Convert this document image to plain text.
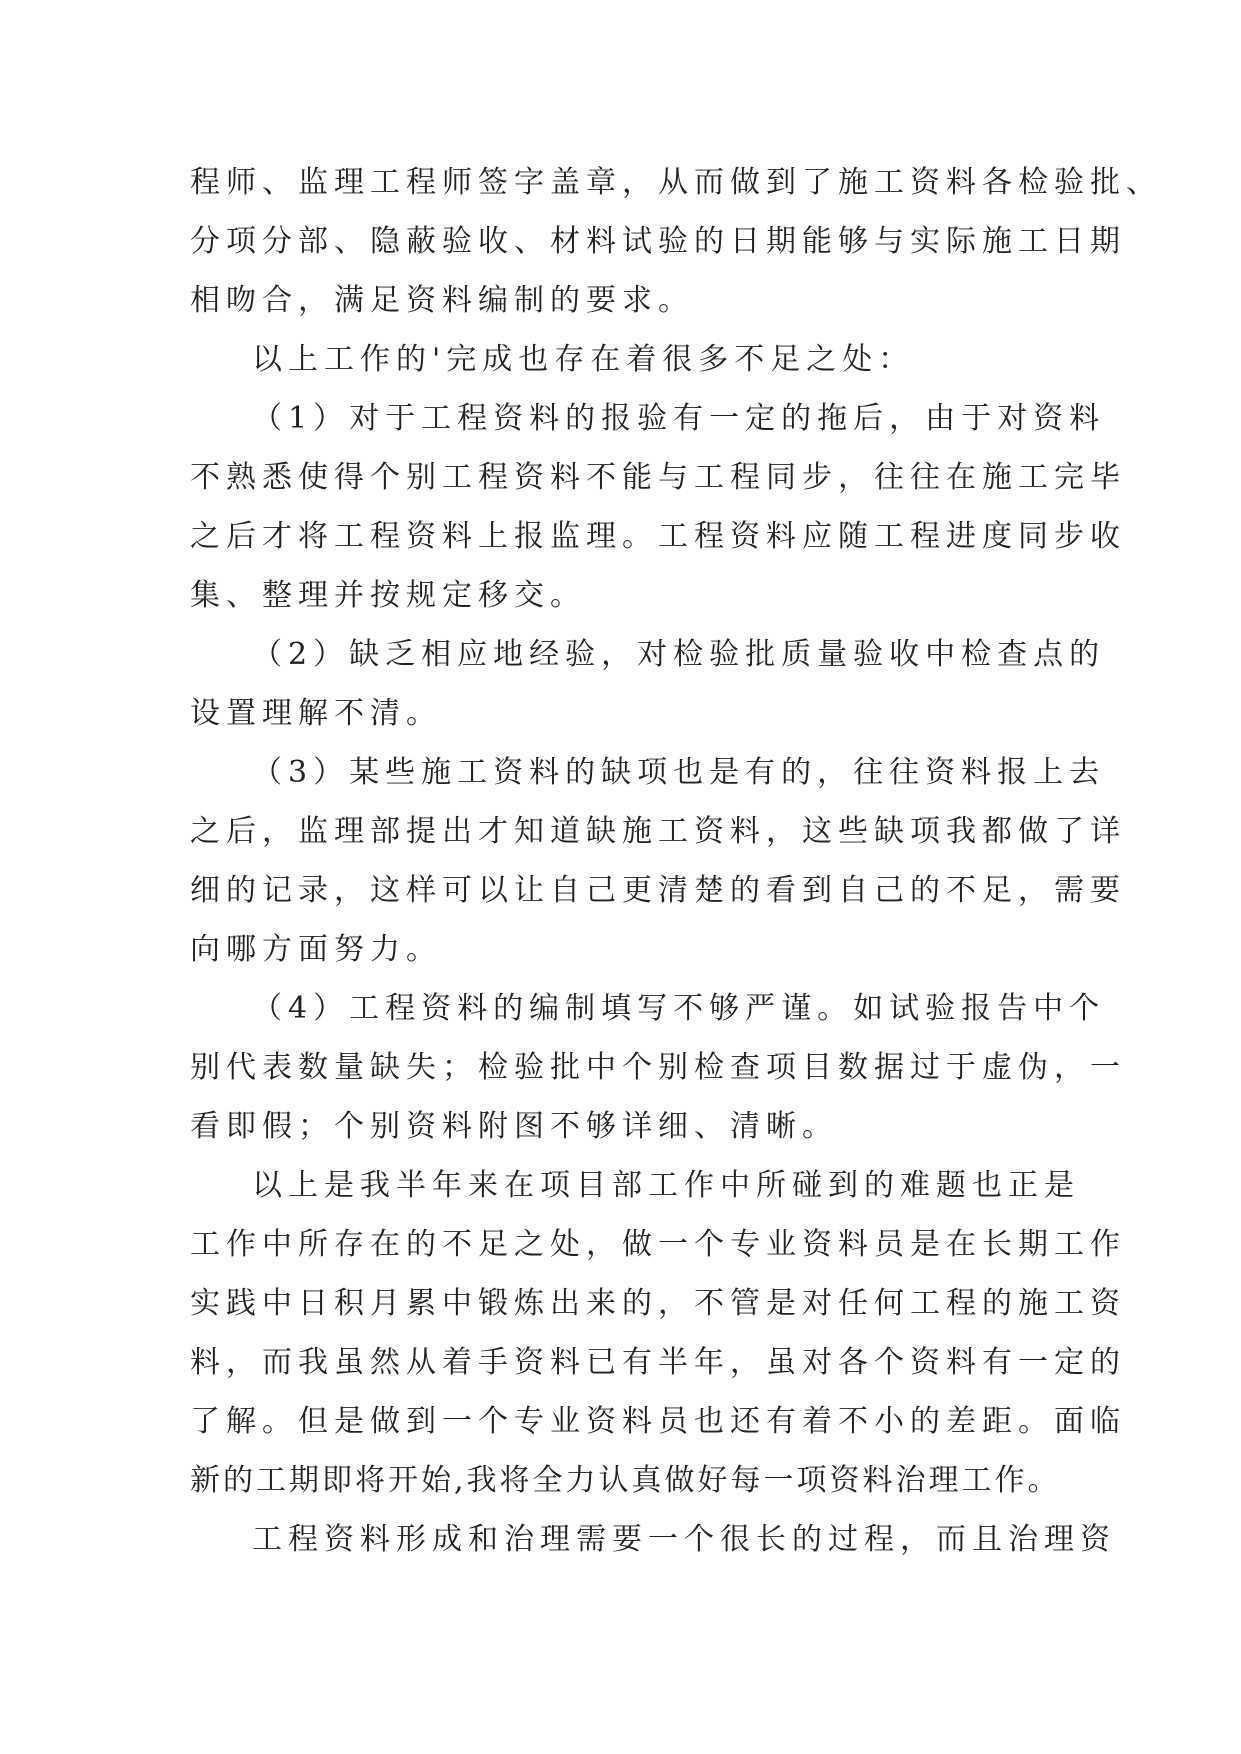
程师、监理工程师签字盖章，从而做到了施工资料各检验批、
分项分部、隐蔽验收、材料试验的日期能够与实际施工日期
相吻合，满足资料编制的要求。
以上工作的'完成也存在着很多不足之处：
（1）对于工程资料的报验有一定的拖后，由于对资料
不熟悉使得个别工程资料不能与工程同步，往往在施工完毕
之后才将工程资料上报监理。工程资料应随工程进度同步收
集、整理并按规定移交。
（2）缺乏相应地经验，对检验批质量验收中检查点的
设置理解不清。
（3）某些施工资料的缺项也是有的，往往资料报上去
之后，监理部提出才知道缺施工资料，这些缺项我都做了详
细的记录，这样可以让自己更清楚的看到自己的不足，需要
向哪方面努力。
（4）工程资料的编制填写不够严谨。如试验报告中个
别代表数量缺失；检验批中个别检查项目数据过于虚伪，一
看即假；个别资料附图不够详细、清晰。
以上是我半年来在项目部工作中所碰到的难题也正是
工作中所存在的不足之处，做一个专业资料员是在长期工作
实践中日积月累中锻炼出来的，不管是对任何工程的施工资
料，而我虽然从着手资料已有半年，虽对各个资料有一定的
了解。但是做到一个专业资料员也还有着不小的差距。面临
新的工期即将开始,我将全力认真做好每一项资料治理工作。
工程资料形成和治理需要一个很长的过程，而且治理资
